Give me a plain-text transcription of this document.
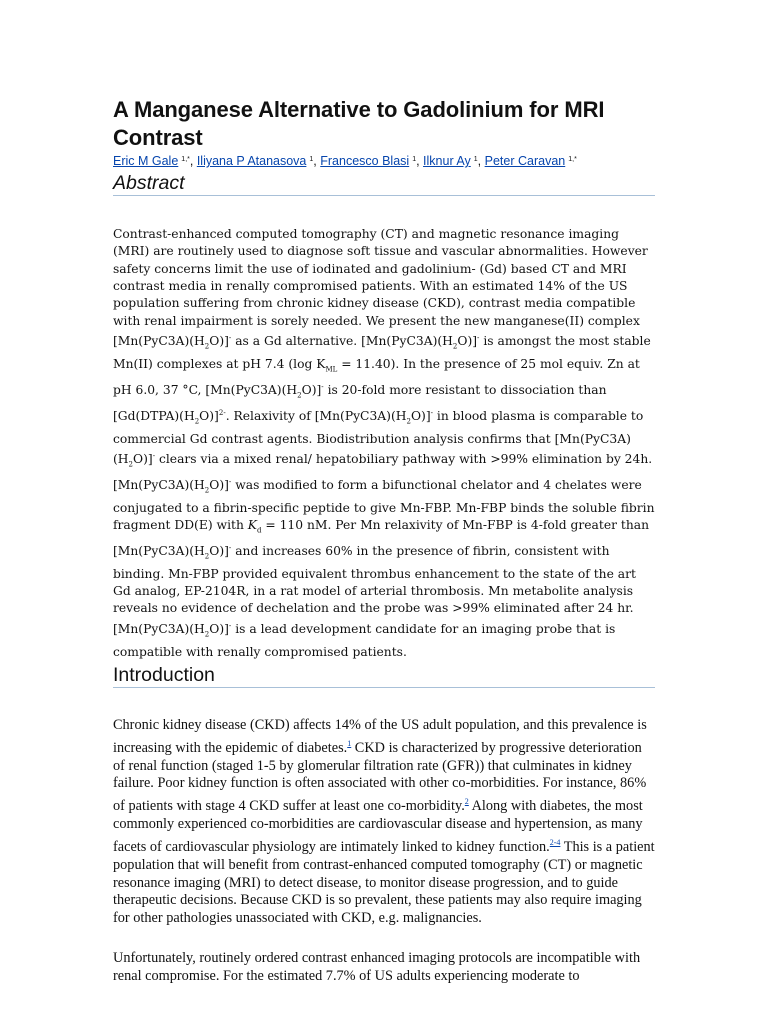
A Manganese Alternative to Gadolinium for MRI Contrast
Eric M Gale $^{1,*}$, Iliyana P Atanasova $^1$, Francesco Blasi $^1$, Ilknur Ay $^1$, Peter Caravan $^{1,*}$
Abstract

Contrast-enhanced computed tomography (CT) and magnetic resonance imaging (MRI) are routinely used to diagnose soft tissue and vascular abnormalities. However safety concerns limit the use of iodinated and gadolinium- (Gd) based CT and MRI contrast media in renally compromised patients. With an estimated 14% of the US population suffering from chronic kidney disease (CKD), contrast media compatible with renal impairment is sorely needed. We present the new manganese(II) complex $[Mn(PyC3A)(H_2O)]^-$ as a Gd alternative. $[Mn(PyC3A)(H_2O)]^-$ is amongst the most stable Mn(II) complexes at pH 7.4 (log $K_{ML} = 11.40$). In the presence of 25 mol equiv. Zn at pH 6.0, 37 °C, $[Mn(PyC3A)(H_2O)]^-$ is 20-fold more resistant to dissociation than $[Gd(DTPA)(H_2O)]^{2-}$. Relaxivity of $[Mn(PyC3A)(H_2O)]^-$ in blood plasma is comparable to commercial Gd contrast agents. Biodistribution analysis confirms that $[Mn(PyC3A)(H_2O)]^-$ clears via a mixed renal/ hepatobiliary pathway with >99% elimination by 24h. $[Mn(PyC3A)(H_2O)]^-$ was modified to form a bifunctional chelator and 4 chelates were conjugated to a fibrin-specific peptide to give Mn-FBP. Mn-FBP binds the soluble fibrin fragment DD(E) with $K_d = 110$ nM. Per Mn relaxivity of Mn-FBP is 4-fold greater than $[Mn(PyC3A)(H_2O)]^-$ and increases 60% in the presence of fibrin, consistent with binding. Mn-FBP provided equivalent thrombus enhancement to the state of the art Gd analog, EP-2104R, in a rat model of arterial thrombosis. Mn metabolite analysis reveals no evidence of dechelation and the probe was >99% eliminated after 24 hr. $[Mn(PyC3A)(H_2O)]^-$ is a lead development candidate for an imaging probe that is compatible with renally compromised patients.

Introduction

Chronic kidney disease (CKD) affects 14% of the US adult population, and this prevalence is increasing with the epidemic of diabetes.$^1$ CKD is characterized by progressive deterioration of renal function (staged 1-5 by glomerular filtration rate (GFR)) that culminates in kidney failure. Poor kidney function is often associated with other co-morbidities. For instance, 86% of patients with stage 4 CKD suffer at least one co-morbidity.$^2$ Along with diabetes, the most commonly experienced co-morbidities are cardiovascular disease and hypertension, as many facets of cardiovascular physiology are intimately linked to kidney function.$^{2-4}$ This is a patient population that will benefit from contrast-enhanced computed tomography (CT) or magnetic resonance imaging (MRI) to detect disease, to monitor disease progression, and to guide therapeutic decisions. Because CKD is so prevalent, these patients may also require imaging for other pathologies unassociated with CKD, e.g. malignancies.

Unfortunately, routinely ordered contrast enhanced imaging protocols are incompatible with renal compromise. For the estimated 7.7% of US adults experiencing moderate to
